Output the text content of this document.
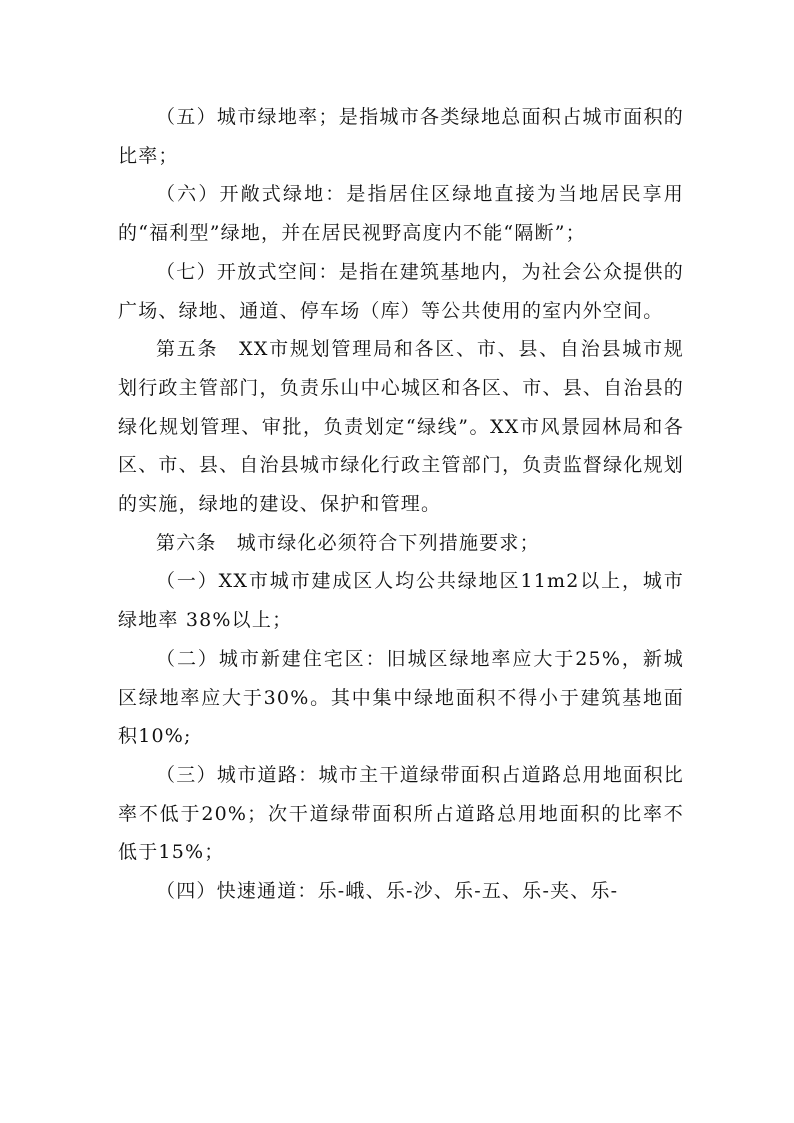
（五）城市绿地率；是指城市各类绿地总面积占城市面积的比率；

（六）开敞式绿地：是指居住区绿地直接为当地居民享用的“福利型”绿地，并在居民视野高度内不能“隔断”；

（七）开放式空间：是指在建筑基地内，为社会公众提供的广场、绿地、通道、停车场（库）等公共使用的室内外空间。

第五条　XX市规划管理局和各区、市、县、自治县城市规划行政主管部门，负责乐山中心城区和各区、市、县、自治县的绿化规划管理、审批，负责划定“绿线”。XX市风景园林局和各区、市、县、自治县城市绿化行政主管部门，负责监督绿化规划的实施，绿地的建设、保护和管理。

第六条　城市绿化必须符合下列措施要求；

（一）XX市城市建成区人均公共绿地区11m2以上，城市绿地率 38%以上；

（二）城市新建住宅区：旧城区绿地率应大于25%，新城区绿地率应大于30%。其中集中绿地面积不得小于建筑基地面积10%;

（三）城市道路：城市主干道绿带面积占道路总用地面积比率不低于20%；次干道绿带面积所占道路总用地面积的比率不低于15%；

（四）快速通道：乐-峨、乐-沙、乐-五、乐-夹、乐-
